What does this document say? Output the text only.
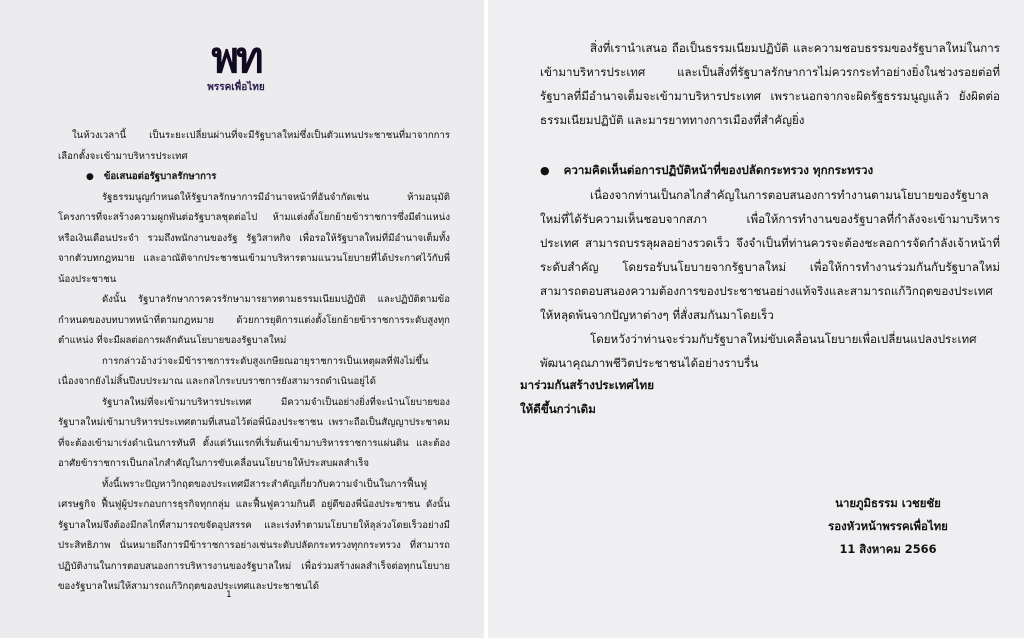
พท
พรรคเพื่อไทย

ในห้วงเวลานี้ เป็นระยะเปลี่ยนผ่านที่จะมีรัฐบาลใหม่ซึ่งเป็นตัวแทนประชาชนที่มาจากการเลือกตั้งจะเข้ามาบริหารประเทศ

● ข้อเสนอต่อรัฐบาลรักษาการ

รัฐธรรมนูญกำหนดให้รัฐบาลรักษาการมีอำนาจหน้าที่อันจำกัดเช่น ห้ามอนุมัติโครงการที่จะสร้างความผูกพันต่อรัฐบาลชุดต่อไป ห้ามแต่งตั้งโยกย้ายข้าราชการซึ่งมีตำแหน่งหรือเงินเดือนประจำ รวมถึงพนักงานของรัฐ รัฐวิสาหกิจ เพื่อรอให้รัฐบาลใหม่ที่มีอำนาจเต็มทั้งจากตัวบทกฎหมาย และอาณัติจากประชาชนเข้ามาบริหารตามแนวนโยบายที่ได้ประกาศไว้กับพี่น้องประชาชน

ดังนั้น รัฐบาลรักษาการควรรักษามารยาทตามธรรมเนียมปฏิบัติ และปฏิบัติตามข้อกำหนดของบทบาทหน้าที่ตามกฎหมาย ด้วยการยุติการแต่งตั้งโยกย้ายข้าราชการระดับสูงทุกตำแหน่ง ที่จะมีผลต่อการผลักดันนโยบายของรัฐบาลใหม่

การกล่าวอ้างว่าจะมีข้าราชการระดับสูงเกษียณอายุราชการเป็นเหตุผลที่ฟังไม่ขึ้น เนื่องจากยังไม่สิ้นปีงบประมาณ และกลไกระบบราชการยังสามารถดำเนินอยู่ได้

รัฐบาลใหม่ที่จะเข้ามาบริหารประเทศ มีความจำเป็นอย่างยิ่งที่จะนำนโยบายของรัฐบาลใหม่เข้ามาบริหารประเทศตามที่เสนอไว้ต่อพี่น้องประชาชน เพราะถือเป็นสัญญาประชาคมที่จะต้องเข้ามาเร่งดำเนินการทันที ตั้งแต่วันแรกที่เริ่มต้นเข้ามาบริหารราชการแผ่นดิน และต้องอาศัยข้าราชการเป็นกลไกสำคัญในการขับเคลื่อนนโยบายให้ประสบผลสำเร็จ

ทั้งนี้เพราะปัญหาวิกฤตของประเทศมีสาระสำคัญเกี่ยวกับความจำเป็นในการฟื้นฟูเศรษฐกิจ ฟื้นฟูผู้ประกอบการธุรกิจทุกกลุ่ม และฟื้นฟูความกินดี อยู่ดีของพี่น้องประชาชน ดังนั้นรัฐบาลใหม่จึงต้องมีกลไกที่สามารถขจัดอุปสรรค และเร่งทำตามนโยบายให้ลุล่วงโดยเร็วอย่างมีประสิทธิภาพ นั่นหมายถึงการมีข้าราชการอย่างเช่นระดับปลัดกระทรวงทุกกระทรวง ที่สามารถปฏิบัติงานในการตอบสนองการบริหารงานของรัฐบาลใหม่ เพื่อร่วมสร้างผลสำเร็จต่อทุกนโยบายของรัฐบาลใหม่ให้สามารถแก้วิกฤตของประเทศและประชาชนได้

1

สิ่งที่เรานำเสนอ ถือเป็นธรรมเนียมปฏิบัติ และความชอบธรรมของรัฐบาลใหม่ในการเข้ามาบริหารประเทศ และเป็นสิ่งที่รัฐบาลรักษาการไม่ควรกระทำอย่างยิ่งในช่วงรอยต่อที่รัฐบาลที่มีอำนาจเต็มจะเข้ามาบริหารประเทศ เพราะนอกจากจะผิดรัฐธรรมนูญแล้ว ยังผิดต่อธรรมเนียมปฏิบัติ และมารยาททางการเมืองที่สำคัญยิ่ง

● ความคิดเห็นต่อการปฏิบัติหน้าที่ของปลัดกระทรวง ทุกกระทรวง

เนื่องจากท่านเป็นกลไกสำคัญในการตอบสนองการทำงานตามนโยบายของรัฐบาลใหม่ที่ได้รับความเห็นชอบจากสภา เพื่อให้การทำงานของรัฐบาลที่กำลังจะเข้ามาบริหารประเทศ สามารถบรรลุผลอย่างรวดเร็ว จึงจำเป็นที่ท่านควรจะต้องชะลอการจัดกำลังเจ้าหน้าที่ระดับสำคัญ โดยรอรับนโยบายจากรัฐบาลใหม่ เพื่อให้การทำงานร่วมกันกับรัฐบาลใหม่สามารถตอบสนองความต้องการของประชาชนอย่างแท้จริงและสามารถแก้วิกฤตของประเทศ ให้หลุดพ้นจากปัญหาต่างๆ ที่สั่งสมกันมาโดยเร็ว

โดยหวังว่าท่านจะร่วมกับรัฐบาลใหม่ขับเคลื่อนนโยบายเพื่อเปลี่ยนแปลงประเทศ พัฒนาคุณภาพชีวิตประชาชนได้อย่างราบรื่น

มาร่วมกันสร้างประเทศไทย
ให้ดีขึ้นกว่าเดิม
นายภูมิธรรม เวชยชัย
รองหัวหน้าพรรคเพื่อไทย
11 สิงหาคม 2566
